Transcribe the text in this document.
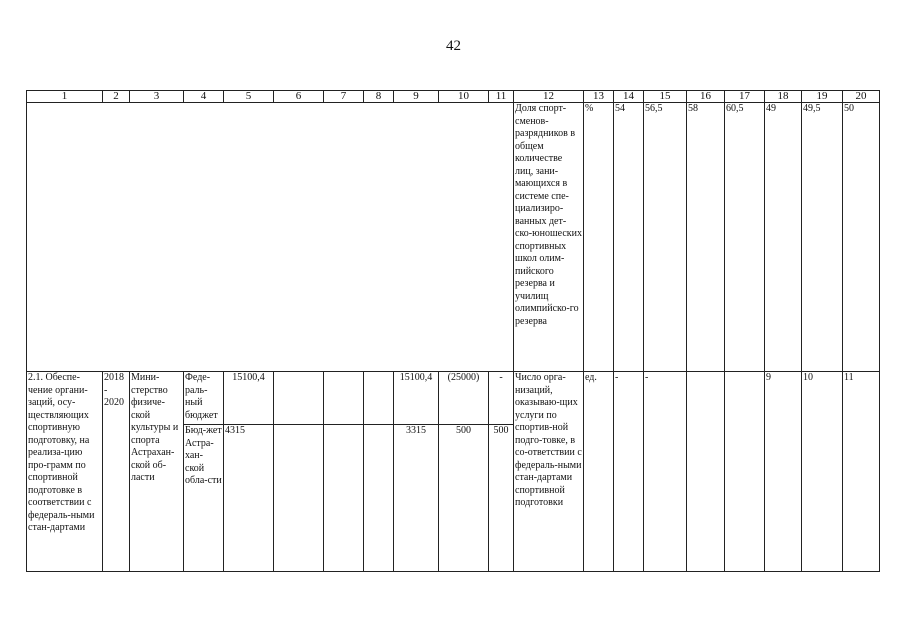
42
1	2	3	4	5	6	7	8	9	10	11	12	13	14	15	16	17	18	19	20
											Доля спорт-сменов-разрядников в общем количестве лиц, зани-мающихся в системе спе-циализиро-ванных дет-ско-юношеских спортивных школ олим-пийского резерва и училищ олимпийско-го резерва	%	54	56,5	58	60,5	49	49,5	50
2.1. Обеспе-чение органи-заций, осу-ществляющих спортивную подготовку, на реализа-цию про-грамм по спортивной подготовке в соответствии с федераль-ными стан-дартами	2018 - 2020	Мини-стерство физиче-ской культуры и спорта Астрахан-ской об-ласти	Феде-раль-ный бюджет	15100,4				15100,4	(25000)	-	Число орга-низаций, оказываю-щих услуги по спортив-ной подго-товке, в со-ответствии с федераль-ными стан-дартами спортивной подготовки	ед.	-	-			9	10	11
			Бюд-жет Астра-хан-ской обла-сти	4315				3315	500	500									
